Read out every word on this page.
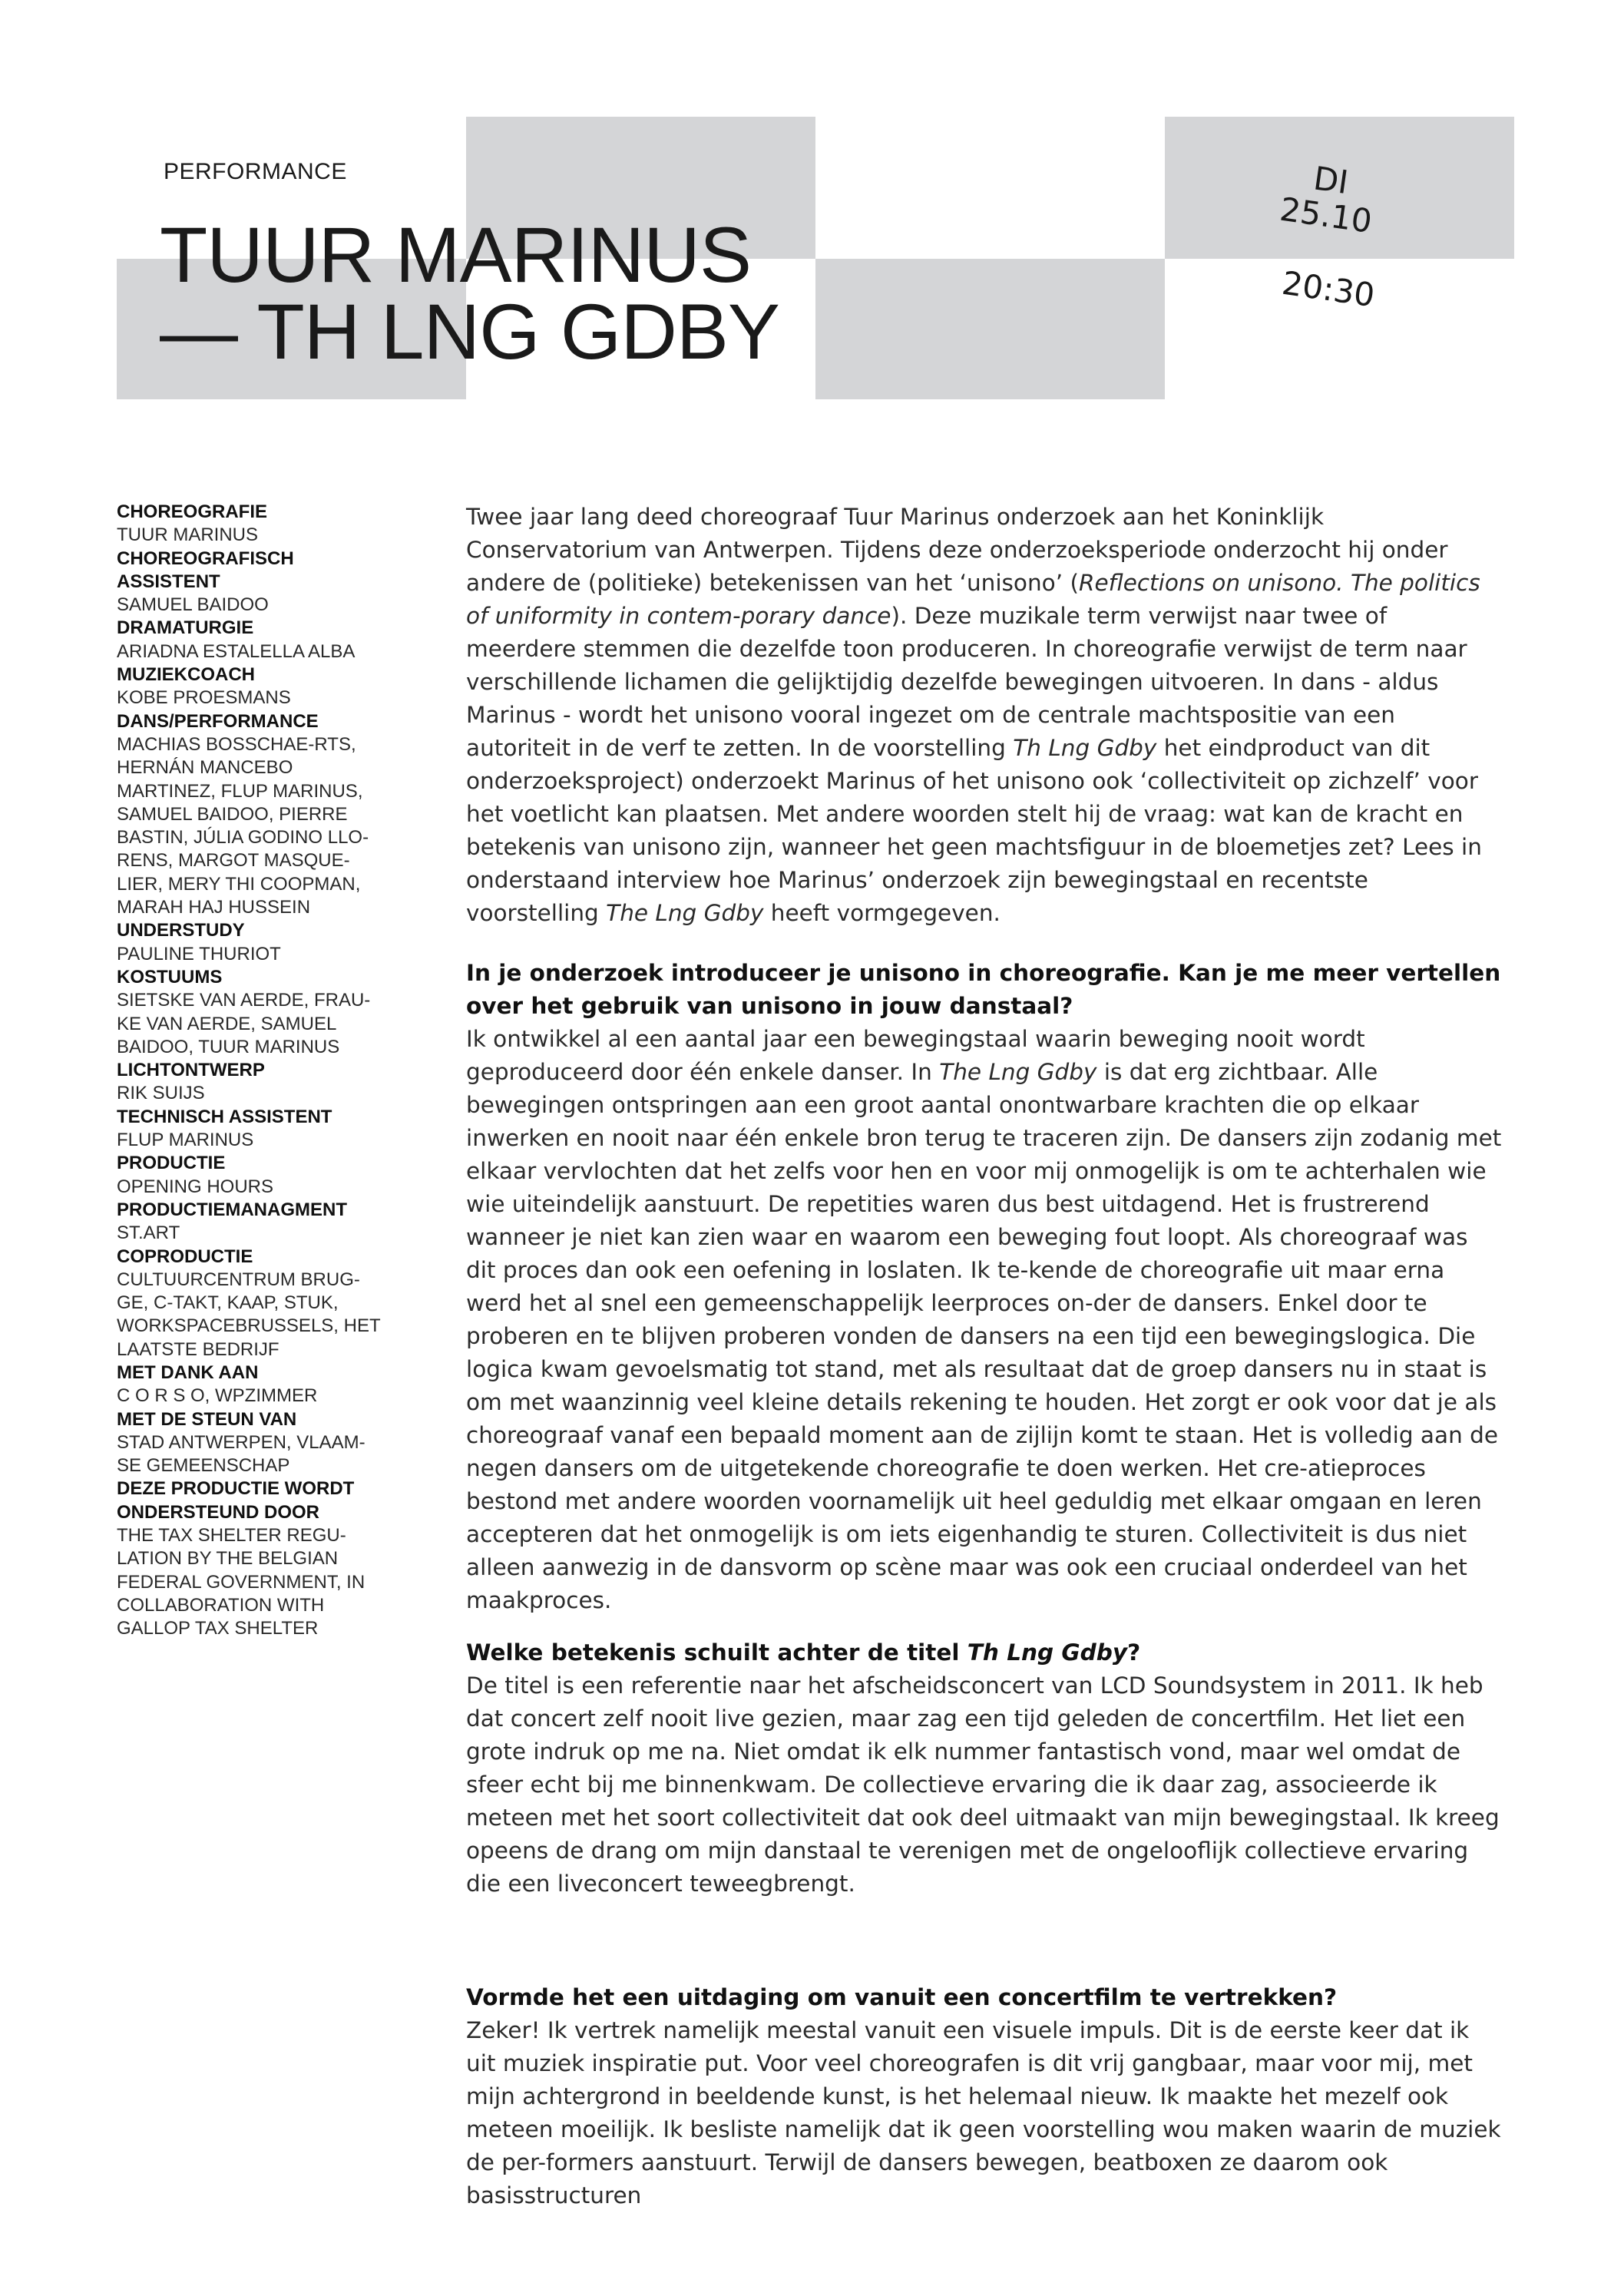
PERFORMANCE
TUUR MARINUS
— TH LNG GDBY
DI
25.10
20:30
CHOREOGRAFIE
TUUR MARINUS
CHOREOGRAFISCH ASSISTENT
SAMUEL BAIDOO
DRAMATURGIE
ARIADNA ESTALELLA ALBA
MUZIEKCOACH
KOBE PROESMANS
DANS/PERFORMANCE
MACHIAS BOSSCHAE-RTS, HERNÁN MANCEBO MARTINEZ, FLUP MARINUS, SAMUEL BAIDOO, PIERRE BASTIN, JÚLIA GODINO LLO-RENS, MARGOT MASQUE-LIER, MERY THI COOPMAN, MARAH HAJ HUSSEIN
UNDERSTUDY
PAULINE THURIOT
KOSTUUMS
SIETSKE VAN AERDE, FRAU-KE VAN AERDE, SAMUEL BAIDOO, TUUR MARINUS
LICHTONTWERP
RIK SUIJS
TECHNISCH ASSISTENT
FLUP MARINUS
PRODUCTIE
OPENING HOURS
PRODUCTIEMANAGMENT
ST.ART
COPRODUCTIE
CULTUURCENTRUM BRUG-GE, C-TAKT, KAAP, STUK, WORKSPACEBRUSSELS, HET LAATSTE BEDRIJF
MET DANK AAN
C O R S O, WPZIMMER
MET DE STEUN VAN
STAD ANTWERPEN, VLAAM-SE GEMEENSCHAP
DEZE PRODUCTIE WORDT ONDERSTEUND DOOR
THE TAX SHELTER REGU-LATION BY THE BELGIAN FEDERAL GOVERNMENT, IN COLLABORATION WITH GALLOP TAX SHELTER

Twee jaar lang deed choreograaf Tuur Marinus onderzoek aan het Koninklijk Conservatorium van Antwerpen. Tijdens deze onderzoeksperiode onderzocht hij onder andere de (politieke) betekenissen van het ‘unisono’ (Reflections on unisono. The politics of uniformity in contem-porary dance). Deze muzikale term verwijst naar twee of meerdere stemmen die dezelfde toon produceren. In choreografie verwijst de term naar verschillende lichamen die gelijktijdig dezelfde bewegingen uitvoeren. In dans - aldus Marinus - wordt het unisono vooral ingezet om de centrale machtspositie van een autoriteit in de verf te zetten. In de voorstelling Th Lng Gdby het eindproduct van dit onderzoeksproject) onderzoekt Marinus of het unisono ook ‘collectiviteit op zichzelf’ voor het voetlicht kan plaatsen. Met andere woorden stelt hij de vraag: wat kan de kracht en betekenis van unisono zijn, wanneer het geen machtsfiguur in de bloemetjes zet? Lees in onderstaand interview hoe Marinus’ onderzoek zijn bewegingstaal en recentste voorstelling The Lng Gdby heeft vormgegeven.

In je onderzoek introduceer je unisono in choreografie. Kan je me meer vertellen over het gebruik van unisono in jouw danstaal?

Ik ontwikkel al een aantal jaar een bewegingstaal waarin beweging nooit wordt geproduceerd door één enkele danser. In The Lng Gdby is dat erg zichtbaar. Alle bewegingen ontspringen aan een groot aantal onontwarbare krachten die op elkaar inwerken en nooit naar één enkele bron terug te traceren zijn. De dansers zijn zodanig met elkaar vervlochten dat het zelfs voor hen en voor mij onmogelijk is om te achterhalen wie wie uiteindelijk aanstuurt. De repetities waren dus best uitdagend. Het is frustrerend wanneer je niet kan zien waar en waarom een beweging fout loopt. Als choreograaf was dit proces dan ook een oefening in loslaten. Ik te-kende de choreografie uit maar erna werd het al snel een gemeenschappelijk leerproces on-der de dansers. Enkel door te proberen en te blijven proberen vonden de dansers na een tijd een bewegingslogica. Die logica kwam gevoelsmatig tot stand, met als resultaat dat de groep dansers nu in staat is om met waanzinnig veel kleine details rekening te houden. Het zorgt er ook voor dat je als choreograaf vanaf een bepaald moment aan de zijlijn komt te staan. Het is volledig aan de negen dansers om de uitgetekende choreografie te doen werken. Het cre-atieproces bestond met andere woorden voornamelijk uit heel geduldig met elkaar omgaan en leren accepteren dat het onmogelijk is om iets eigenhandig te sturen. Collectiviteit is dus niet alleen aanwezig in de dansvorm op scène maar was ook een cruciaal onderdeel van het maakproces.

Welke betekenis schuilt achter de titel Th Lng Gdby?

De titel is een referentie naar het afscheidsconcert van LCD Soundsystem in 2011. Ik heb dat concert zelf nooit live gezien, maar zag een tijd geleden de concertfilm. Het liet een grote indruk op me na. Niet omdat ik elk nummer fantastisch vond, maar wel omdat de sfeer echt bij me binnenkwam. De collectieve ervaring die ik daar zag, associeerde ik meteen met het soort collectiviteit dat ook deel uitmaakt van mijn bewegingstaal. Ik kreeg opeens de drang om mijn danstaal te verenigen met de ongelooflijk collectieve ervaring die een liveconcert teweegbrengt.

Vormde het een uitdaging om vanuit een concertfilm te vertrekken?

Zeker! Ik vertrek namelijk meestal vanuit een visuele impuls. Dit is de eerste keer dat ik uit muziek inspiratie put. Voor veel choreografen is dit vrij gangbaar, maar voor mij, met mijn achtergrond in beeldende kunst, is het helemaal nieuw. Ik maakte het mezelf ook meteen moeilijk. Ik besliste namelijk dat ik geen voorstelling wou maken waarin de muziek de per-formers aanstuurt. Terwijl de dansers bewegen, beatboxen ze daarom ook basisstructuren
